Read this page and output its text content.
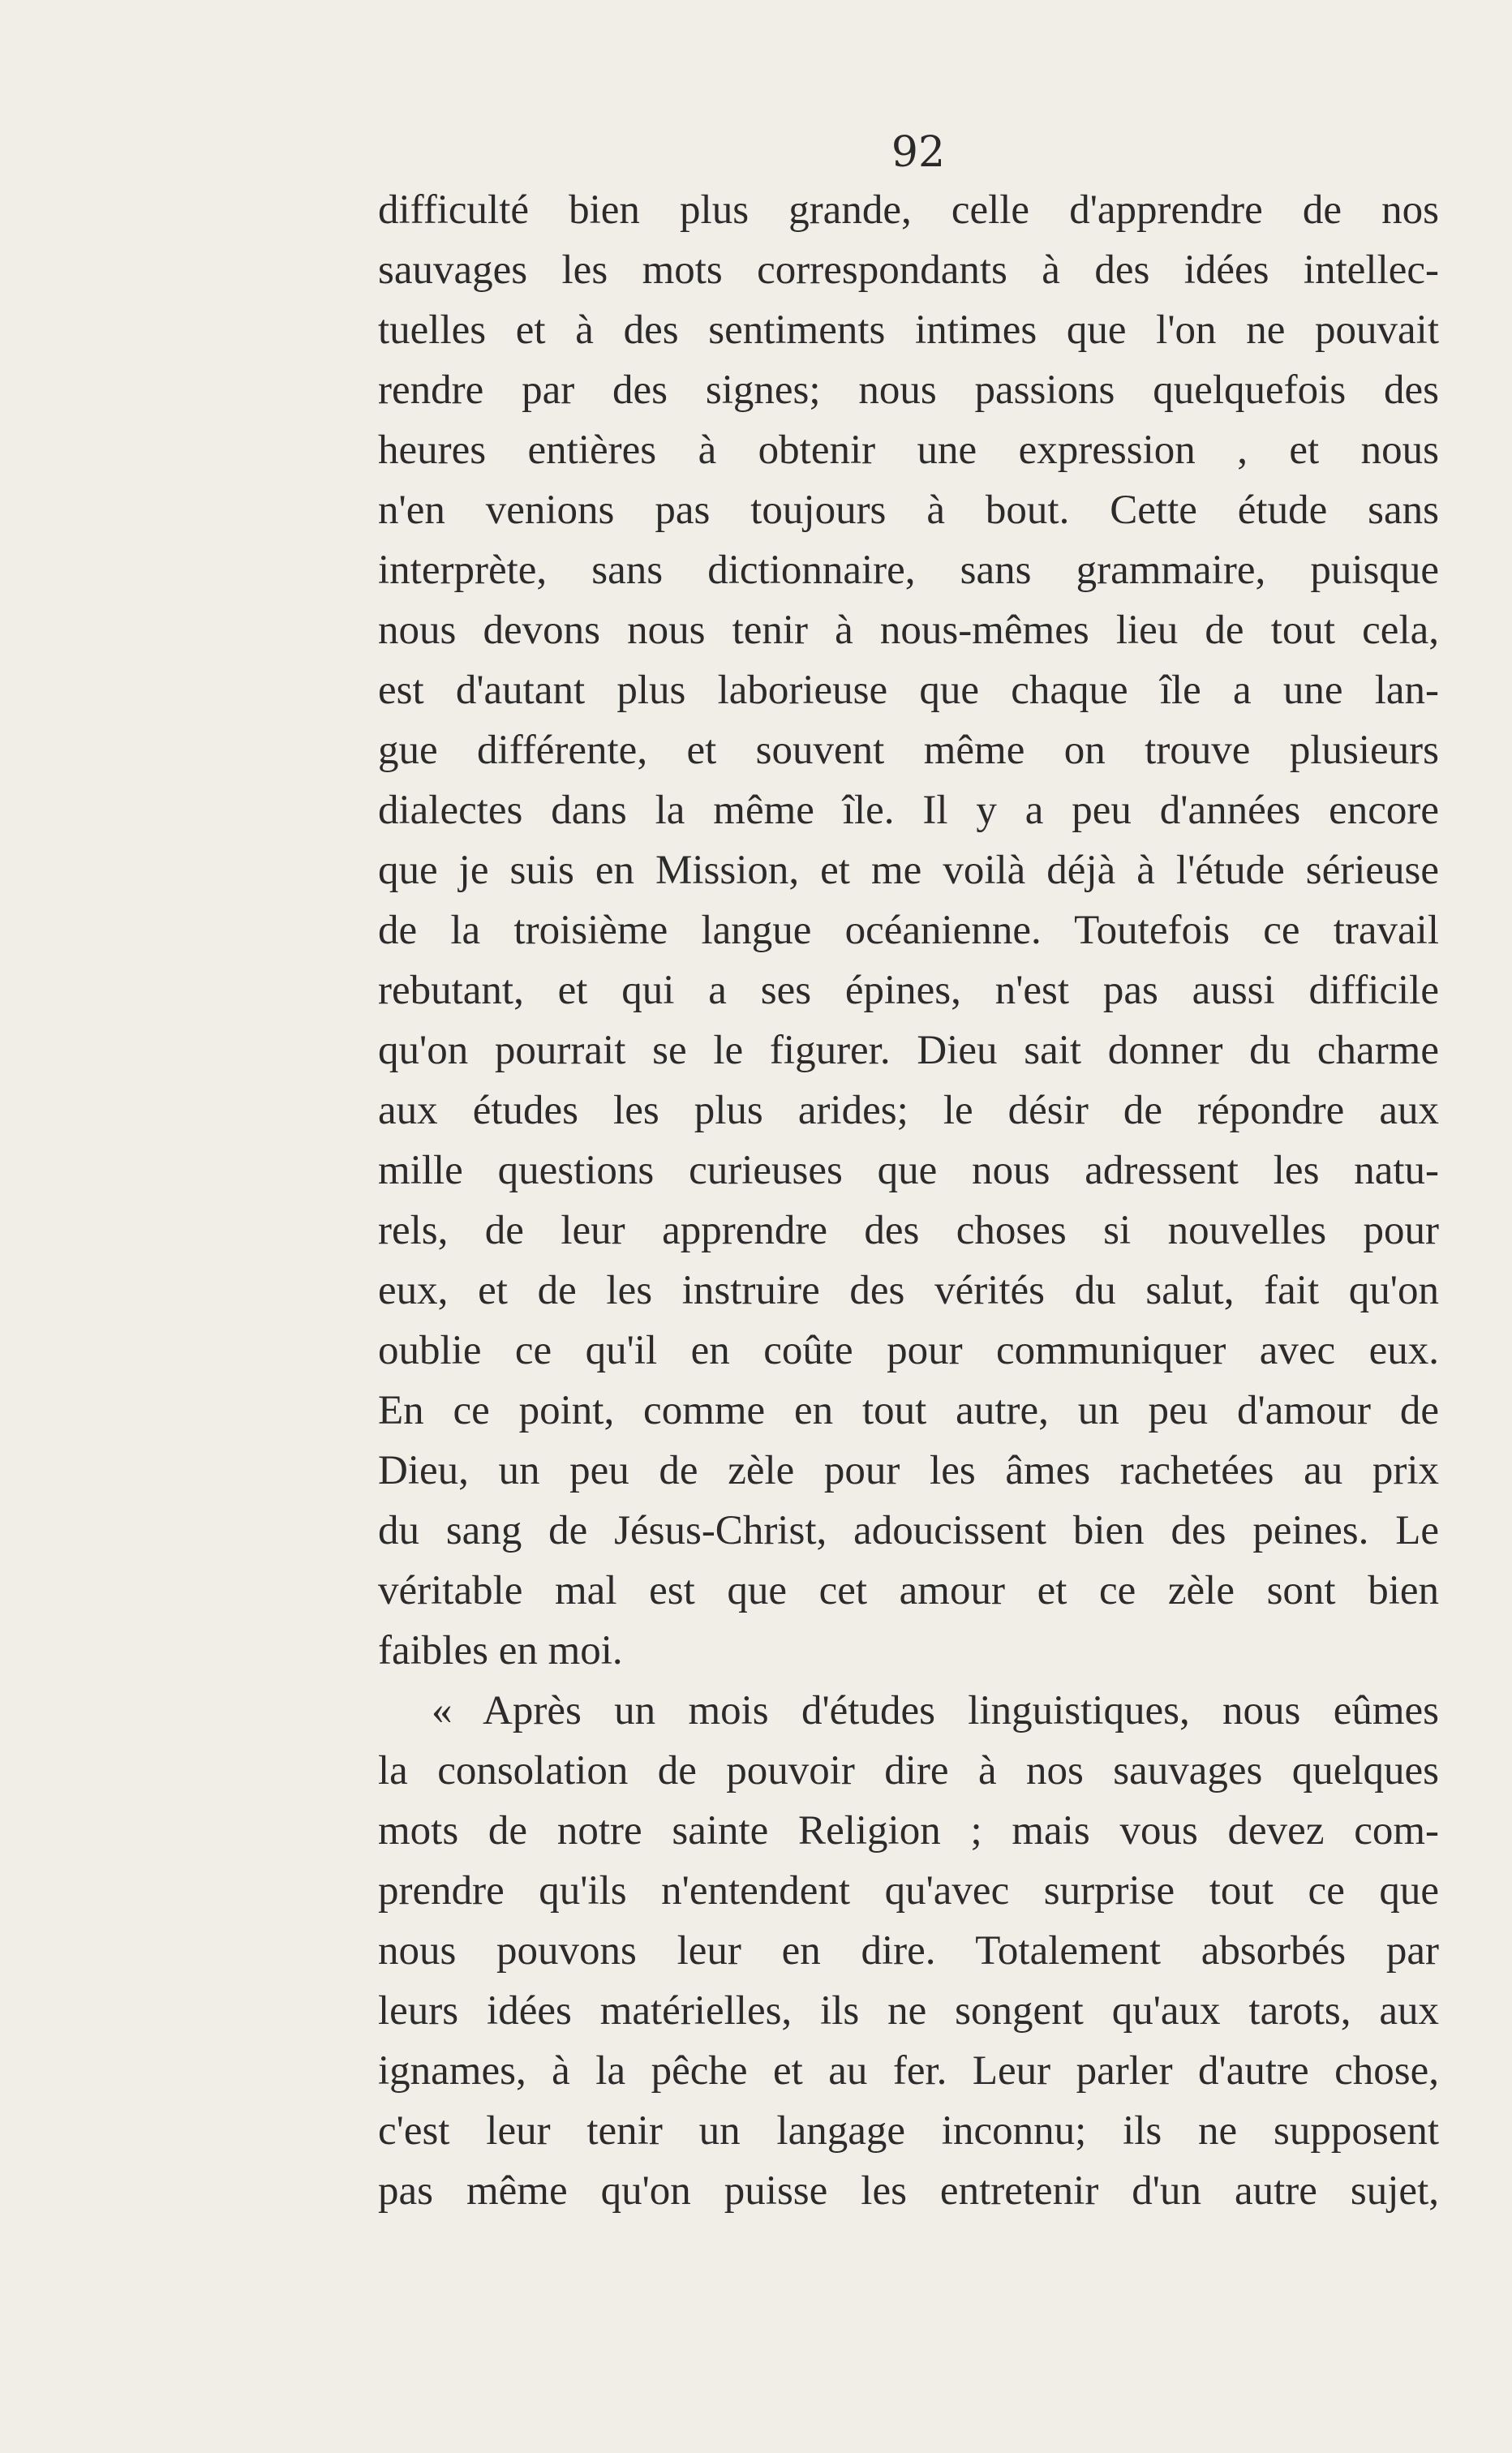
92
difficulté bien plus grande, celle d'apprendre de nos
sauvages les mots correspondants à des idées intellec-
tuelles et à des sentiments intimes que l'on ne pouvait
rendre par des signes; nous passions quelquefois des
heures entières à obtenir une expression , et nous
n'en venions pas toujours à bout. Cette étude sans
interprète, sans dictionnaire, sans grammaire, puisque
nous devons nous tenir à nous-mêmes lieu de tout cela,
est d'autant plus laborieuse que chaque île a une lan-
gue différente, et souvent même on trouve plusieurs
dialectes dans la même île. Il y a peu d'années encore
que je suis en Mission, et me voilà déjà à l'étude sérieuse
de la troisième langue océanienne. Toutefois ce travail
rebutant, et qui a ses épines, n'est pas aussi difficile
qu'on pourrait se le figurer. Dieu sait donner du charme
aux études les plus arides; le désir de répondre aux
mille questions curieuses que nous adressent les natu-
rels, de leur apprendre des choses si nouvelles pour
eux, et de les instruire des vérités du salut, fait qu'on
oublie ce qu'il en coûte pour communiquer avec eux.
En ce point, comme en tout autre, un peu d'amour de
Dieu, un peu de zèle pour les âmes rachetées au prix
du sang de Jésus-Christ, adoucissent bien des peines. Le
véritable mal est que cet amour et ce zèle sont bien
faibles en moi.
« Après un mois d'études linguistiques, nous eûmes
la consolation de pouvoir dire à nos sauvages quelques
mots de notre sainte Religion ; mais vous devez com-
prendre qu'ils n'entendent qu'avec surprise tout ce que
nous pouvons leur en dire. Totalement absorbés par
leurs idées matérielles, ils ne songent qu'aux tarots, aux
ignames, à la pêche et au fer. Leur parler d'autre chose,
c'est leur tenir un langage inconnu; ils ne supposent
pas même qu'on puisse les entretenir d'un autre sujet,
